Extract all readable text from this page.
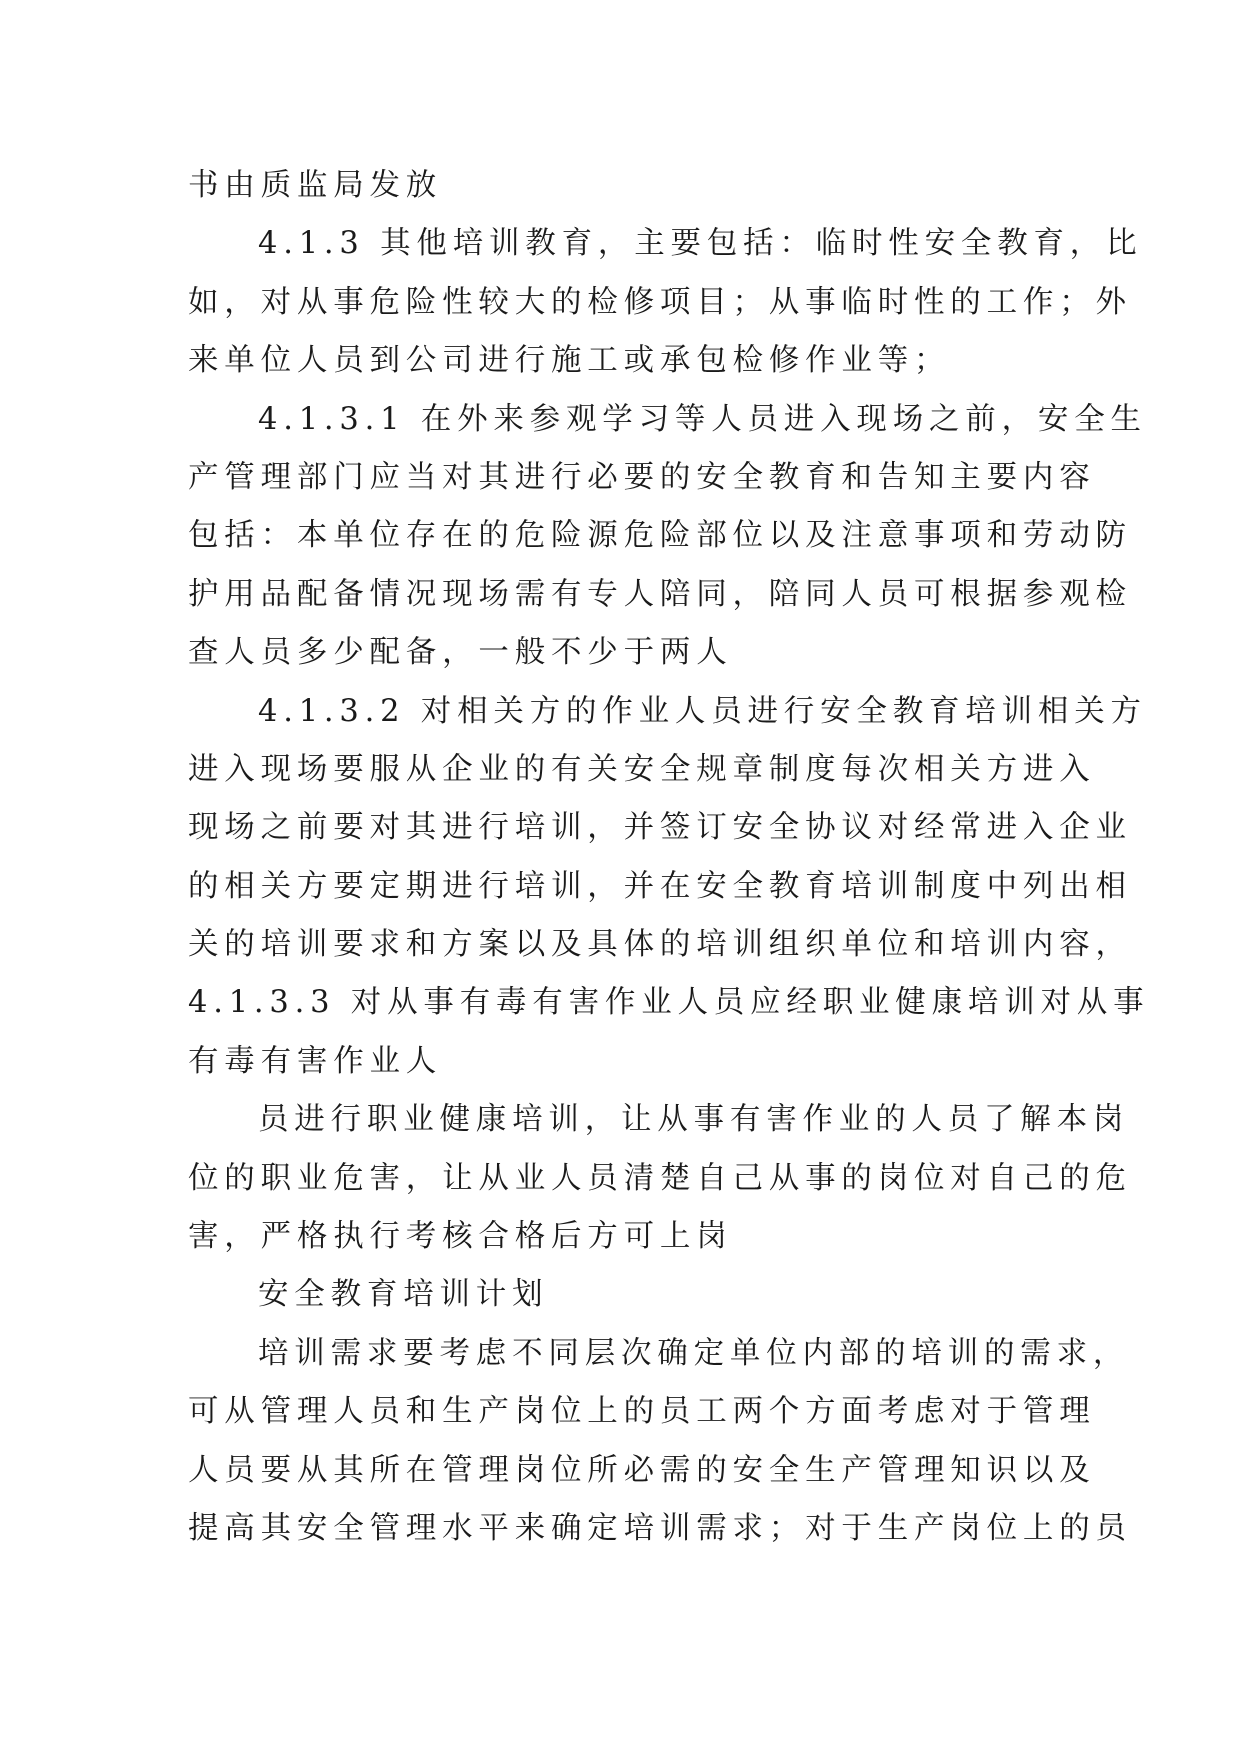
书由质监局发放
4.1.3 其他培训教育，主要包括：临时性安全教育，比
如，对从事危险性较大的检修项目；从事临时性的工作；外
来单位人员到公司进行施工或承包检修作业等；
4.1.3.1 在外来参观学习等人员进入现场之前，安全生
产管理部门应当对其进行必要的安全教育和告知主要内容
包括：本单位存在的危险源危险部位以及注意事项和劳动防
护用品配备情况现场需有专人陪同，陪同人员可根据参观检
查人员多少配备，一般不少于两人
4.1.3.2 对相关方的作业人员进行安全教育培训相关方
进入现场要服从企业的有关安全规章制度每次相关方进入
现场之前要对其进行培训，并签订安全协议对经常进入企业
的相关方要定期进行培训，并在安全教育培训制度中列出相
关的培训要求和方案以及具体的培训组织单位和培训内容，
4.1.3.3 对从事有毒有害作业人员应经职业健康培训对从事
有毒有害作业人
员进行职业健康培训，让从事有害作业的人员了解本岗
位的职业危害，让从业人员清楚自己从事的岗位对自己的危
害，严格执行考核合格后方可上岗
安全教育培训计划
培训需求要考虑不同层次确定单位内部的培训的需求，
可从管理人员和生产岗位上的员工两个方面考虑对于管理
人员要从其所在管理岗位所必需的安全生产管理知识以及
提高其安全管理水平来确定培训需求；对于生产岗位上的员
